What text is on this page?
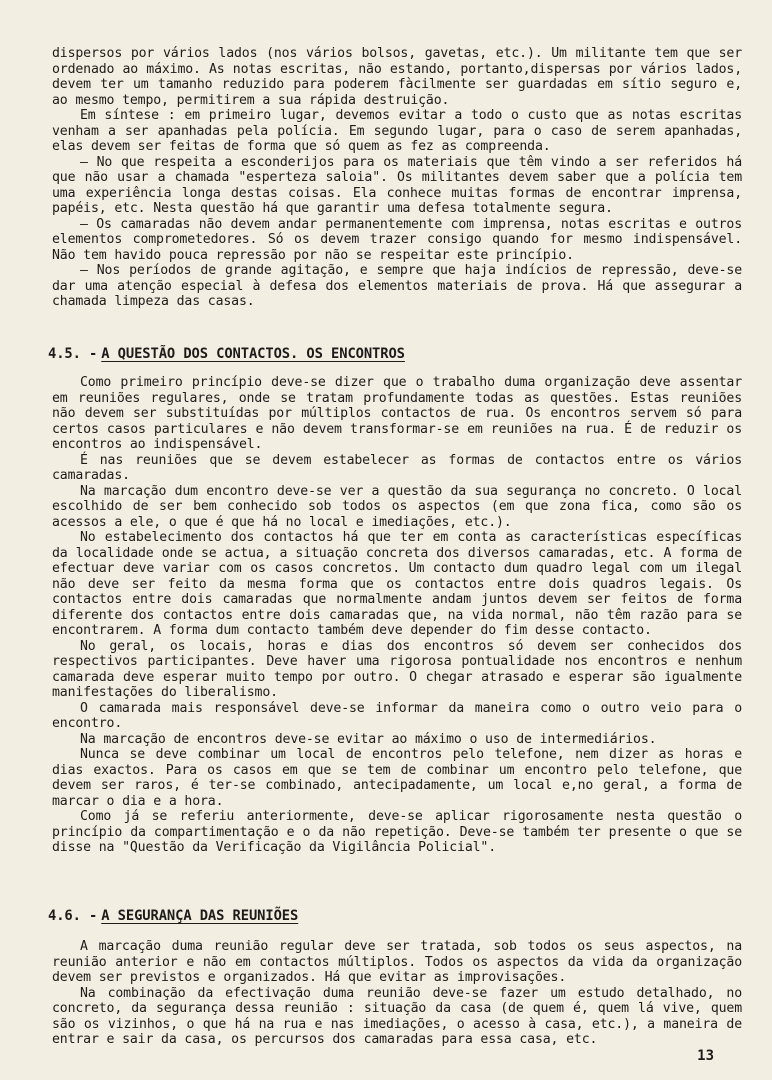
dispersos por vários lados (nos vários bolsos, gavetas, etc.). Um militante tem que ser ordenado ao máximo. As notas escritas, não estando, portanto,dispersas por vários lados, devem ter um tamanho reduzido para poderem fàcilmente ser guardadas em sítio seguro e, ao mesmo tempo, permitirem a sua rápida destruição.

Em síntese : em primeiro lugar, devemos evitar a todo o custo que as notas escritas venham a ser apanhadas pela polícia. Em segundo lugar, para o caso de serem apanhadas, elas devem ser feitas de forma que só quem as fez as compreenda.

— No que respeita a esconderijos para os materiais que têm vindo a ser referidos há que não usar a chamada "esperteza saloia". Os militantes devem saber que a polícia tem uma experiência longa destas coisas. Ela conhece muitas formas de encontrar imprensa, papéis, etc. Nesta questão há que garantir uma defesa totalmente segura.

— Os camaradas não devem andar permanentemente com imprensa, notas escritas e outros elementos comprometedores. Só os devem trazer consigo quando for mesmo indispensável. Não tem havido pouca repressão por não se respeitar este princípio.

— Nos períodos de grande agitação, e sempre que haja indícios de repressão, deve-se dar uma atenção especial à defesa dos elementos materiais de prova. Há que assegurar a chamada limpeza das casas.

4.5. - A QUESTÃO DOS CONTACTOS. OS ENCONTROS

Como primeiro princípio deve-se dizer que o trabalho duma organização deve assentar em reuniões regulares, onde se tratam profundamente todas as questões. Estas reuniões não devem ser substituídas por múltiplos contactos de rua. Os encontros servem só para certos casos particulares e não devem transformar-se em reuniões na rua. É de reduzir os encontros ao indispensável.

É nas reuniões que se devem estabelecer as formas de contactos entre os vários camaradas.

Na marcação dum encontro deve-se ver a questão da sua segurança no concreto. O local escolhido de ser bem conhecido sob todos os aspectos (em que zona fica, como são os acessos a ele, o que é que há no local e imediações, etc.).

No estabelecimento dos contactos há que ter em conta as características específicas da localidade onde se actua, a situação concreta dos diversos camaradas, etc. A forma de efectuar deve variar com os casos concretos. Um contacto dum quadro legal com um ilegal não deve ser feito da mesma forma que os contactos entre dois quadros legais. Os contactos entre dois camaradas que normalmente andam juntos devem ser feitos de forma diferente dos contactos entre dois camaradas que, na vida normal, não têm razão para se encontrarem. A forma dum contacto também deve depender do fim desse contacto.

No geral, os locais, horas e dias dos encontros só devem ser conhecidos dos respectivos participantes. Deve haver uma rigorosa pontualidade nos encontros e nenhum camarada deve esperar muito tempo por outro. O chegar atrasado e esperar são igualmente manifestações do liberalismo.

O camarada mais responsável deve-se informar da maneira como o outro veio para o encontro.

Na marcação de encontros deve-se evitar ao máximo o uso de intermediários.

Nunca se deve combinar um local de encontros pelo telefone, nem dizer as horas e dias exactos. Para os casos em que se tem de combinar um encontro pelo telefone, que devem ser raros, é ter-se combinado, antecipadamente, um local e,no geral, a forma de marcar o dia e a hora.

Como já se referiu anteriormente, deve-se aplicar rigorosamente nesta questão o princípio da compartimentação e o da não repetição. Deve-se também ter presente o que se disse na "Questão da Verificação da Vigilância Policial".

4.6. - A SEGURANÇA DAS REUNIÕES

A marcação duma reunião regular deve ser tratada, sob todos os seus aspectos, na reunião anterior e não em contactos múltiplos. Todos os aspectos da vida da organização devem ser previstos e organizados. Há que evitar as improvisações.

Na combinação da efectivação duma reunião deve-se fazer um estudo detalhado, no concreto, da segurança dessa reunião : situação da casa (de quem é, quem lá vive, quem são os vizinhos, o que há na rua e nas imediações, o acesso à casa, etc.), a maneira de entrar e sair da casa, os percursos dos camaradas para essa casa, etc.

13
